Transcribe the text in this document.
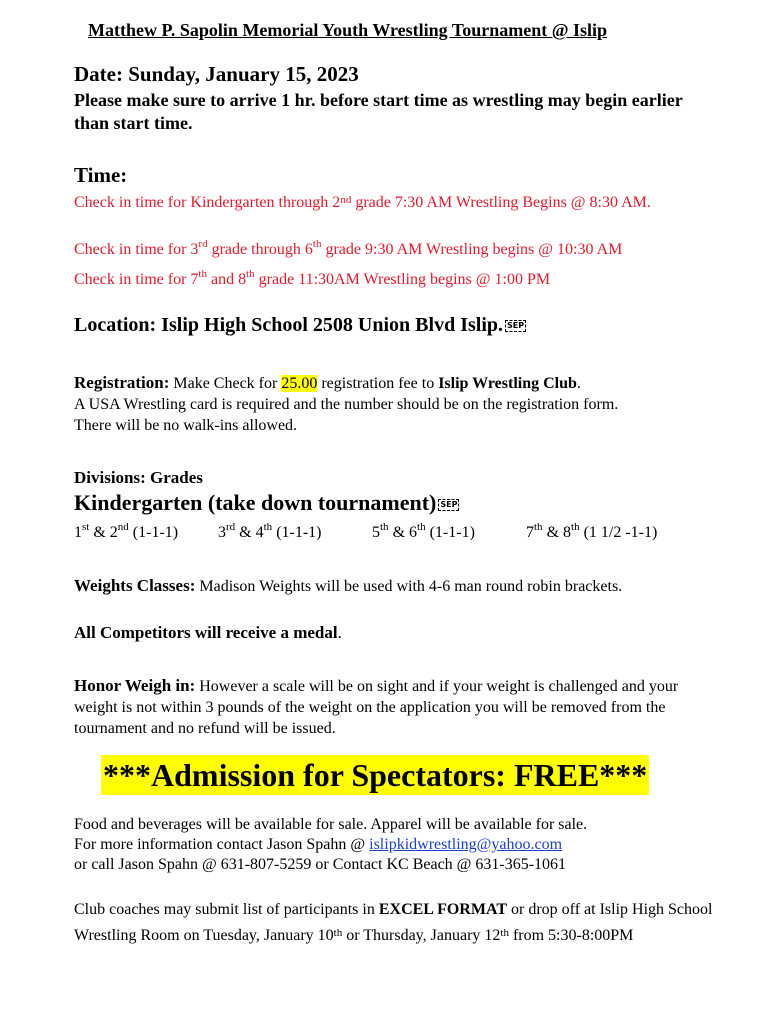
Matthew P. Sapolin Memorial Youth Wrestling Tournament @ Islip
Date: Sunday, January 15, 2023
Please make sure to arrive 1 hr. before start time as wrestling may begin earlier than start time.
Time:
Check in time for Kindergarten through 2nd grade 7:30 AM Wrestling Begins @ 8:30 AM.
Check in time for 3rd grade through 6th grade 9:30 AM Wrestling begins @ 10:30 AM
Check in time for 7th and 8th grade 11:30AM Wrestling begins @ 1:00 PM
Location: Islip High School 2508 Union Blvd Islip. SEP
Registration: Make Check for 25.00 registration fee to Islip Wrestling Club.
A USA Wrestling card is required and the number should be on the registration form.
There will be no walk-ins allowed.
Divisions: Grades
Kindergarten (take down tournament) SEP
1st & 2nd (1-1-1) 3rd & 4th (1-1-1)	5th & 6th (1-1-1)	7th & 8th (1 1/2 -1-1)
Weights Classes: Madison Weights will be used with 4-6 man round robin brackets.
All Competitors will receive a medal.
Honor Weigh in: However a scale will be on sight and if your weight is challenged and your weight is not within 3 pounds of the weight on the application you will be removed from the tournament and no refund will be issued.
***Admission for Spectators: FREE***
Food and beverages will be available for sale. Apparel will be available for sale.
For more information contact Jason Spahn @ islipkidwrestling@yahoo.com
or call Jason Spahn @ 631-807-5259 or Contact KC Beach @ 631-365-1061
Club coaches may submit list of participants in EXCEL FORMAT or drop off at Islip High School Wrestling Room on Tuesday, January 10th or Thursday, January 12th from 5:30-8:00PM
